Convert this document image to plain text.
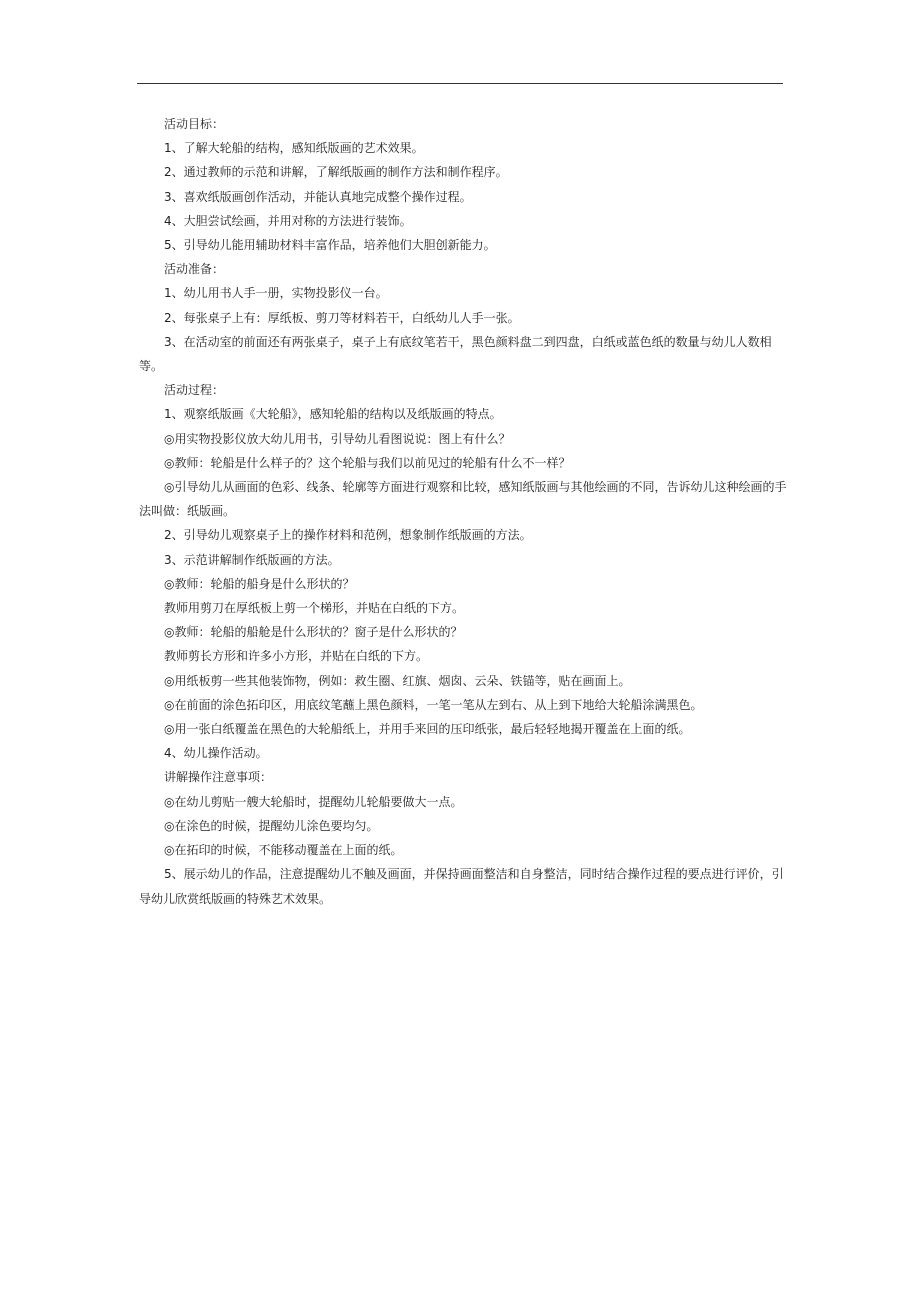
活动目标：

1、了解大轮船的结构，感知纸版画的艺术效果。

2、通过教师的示范和讲解，了解纸版画的制作方法和制作程序。

3、喜欢纸版画创作活动，并能认真地完成整个操作过程。

4、大胆尝试绘画，并用对称的方法进行装饰。

5、引导幼儿能用辅助材料丰富作品，培养他们大胆创新能力。

活动准备：

1、幼儿用书人手一册，实物投影仪一台。

2、每张桌子上有：厚纸板、剪刀等材料若干，白纸幼儿人手一张。

3、在活动室的前面还有两张桌子，桌子上有底纹笔若干，黑色颜料盘二到四盘，白纸或蓝色纸的数量与幼儿人数相等。

活动过程：

1、观察纸版画《大轮船》，感知轮船的结构以及纸版画的特点。

◎用实物投影仪放大幼儿用书，引导幼儿看图说说：图上有什么？

◎教师：轮船是什么样子的？这个轮船与我们以前见过的轮船有什么不一样？

◎引导幼儿从画面的色彩、线条、轮廓等方面进行观察和比较，感知纸版画与其他绘画的不同，告诉幼儿这种绘画的手法叫做：纸版画。

2、引导幼儿观察桌子上的操作材料和范例，想象制作纸版画的方法。

3、示范讲解制作纸版画的方法。

◎教师：轮船的船身是什么形状的？

教师用剪刀在厚纸板上剪一个梯形，并贴在白纸的下方。

◎教师：轮船的船舱是什么形状的？窗子是什么形状的？

教师剪长方形和许多小方形，并贴在白纸的下方。

◎用纸板剪一些其他装饰物，例如：救生圈、红旗、烟囱、云朵、铁锚等，贴在画面上。

◎在前面的涂色拓印区，用底纹笔蘸上黑色颜料，一笔一笔从左到右、从上到下地给大轮船涂满黑色。

◎用一张白纸覆盖在黑色的大轮船纸上，并用手来回的压印纸张，最后轻轻地揭开覆盖在上面的纸。

4、幼儿操作活动。

讲解操作注意事项：

◎在幼儿剪贴一艘大轮船时，提醒幼儿轮船要做大一点。

◎在涂色的时候，提醒幼儿涂色要均匀。

◎在拓印的时候，不能移动覆盖在上面的纸。

5、展示幼儿的作品，注意提醒幼儿不触及画面，并保持画面整洁和自身整洁，同时结合操作过程的要点进行评价，引导幼儿欣赏纸版画的特殊艺术效果。
